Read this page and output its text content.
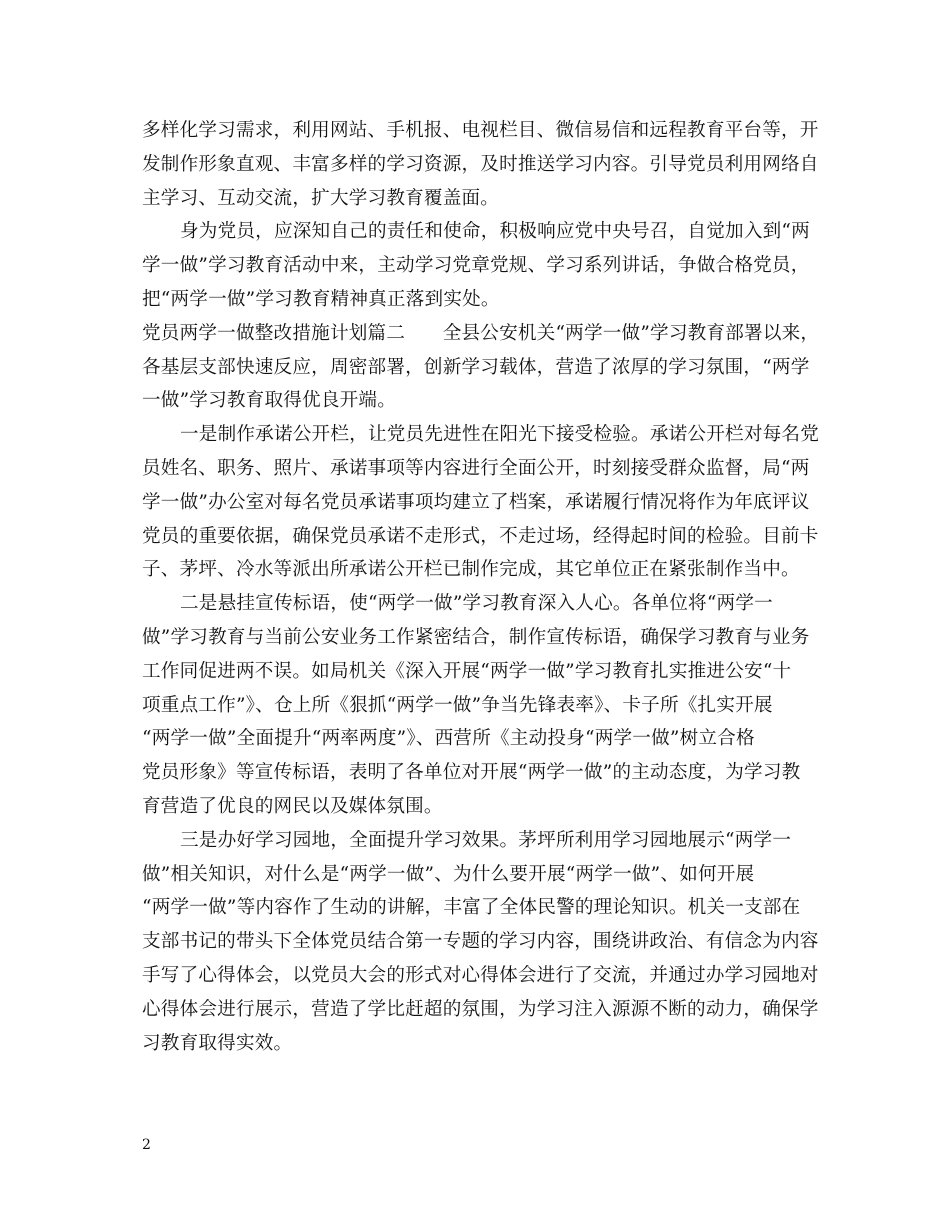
多样化学习需求，利用网站、手机报、电视栏目、微信易信和远程教育平台等，开
发制作形象直观、丰富多样的学习资源，及时推送学习内容。引导党员利用网络自
主学习、互动交流，扩大学习教育覆盖面。
身为党员，应深知自己的责任和使命，积极响应党中央号召，自觉加入到“两
学一做”学习教育活动中来，主动学习党章党规、学习系列讲话，争做合格党员，
把“两学一做”学习教育精神真正落到实处。
党员两学一做整改措施计划篇二　　全县公安机关“两学一做”学习教育部署以来，
各基层支部快速反应，周密部署，创新学习载体，营造了浓厚的学习氛围，“两学
一做”学习教育取得优良开端。
一是制作承诺公开栏，让党员先进性在阳光下接受检验。承诺公开栏对每名党
员姓名、职务、照片、承诺事项等内容进行全面公开，时刻接受群众监督，局“两
学一做”办公室对每名党员承诺事项均建立了档案，承诺履行情况将作为年底评议
党员的重要依据，确保党员承诺不走形式，不走过场，经得起时间的检验。目前卡
子、茅坪、冷水等派出所承诺公开栏已制作完成，其它单位正在紧张制作当中。
二是悬挂宣传标语，使“两学一做”学习教育深入人心。各单位将“两学一
做”学习教育与当前公安业务工作紧密结合，制作宣传标语，确保学习教育与业务
工作同促进两不误。如局机关《深入开展“两学一做”学习教育扎实推进公安“十
项重点工作”》、仓上所《狠抓“两学一做”争当先锋表率》、卡子所《扎实开展
“两学一做”全面提升“两率两度”》、西营所《主动投身“两学一做”树立合格
党员形象》等宣传标语，表明了各单位对开展“两学一做”的主动态度，为学习教
育营造了优良的网民以及媒体氛围。
三是办好学习园地，全面提升学习效果。茅坪所利用学习园地展示“两学一
做”相关知识，对什么是“两学一做”、为什么要开展“两学一做”、如何开展
“两学一做”等内容作了生动的讲解，丰富了全体民警的理论知识。机关一支部在
支部书记的带头下全体党员结合第一专题的学习内容，围绕讲政治、有信念为内容
手写了心得体会，以党员大会的形式对心得体会进行了交流，并通过办学习园地对
心得体会进行展示，营造了学比赶超的氛围，为学习注入源源不断的动力，确保学
习教育取得实效。
2
